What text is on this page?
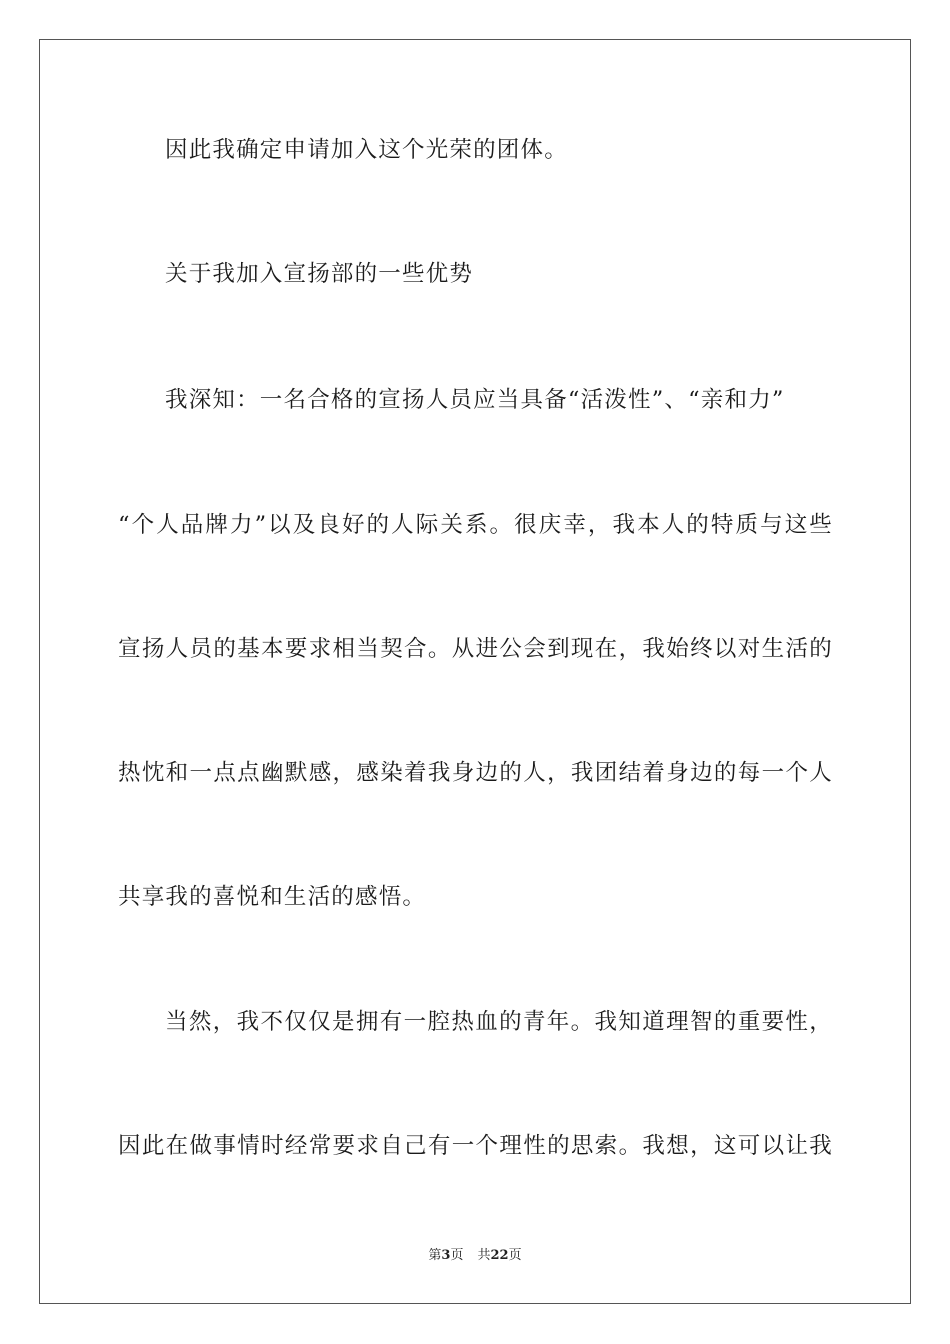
因此我确定申请加入这个光荣的团体。
关于我加入宣扬部的一些优势
我深知：一名合格的宣扬人员应当具备“活泼性”、“亲和力”
“个人品牌力”以及良好的人际关系。很庆幸，我本人的特质与这些
宣扬人员的基本要求相当契合。从进公会到现在，我始终以对生活的
热忱和一点点幽默感，感染着我身边的人，我团结着身边的每一个人
共享我的喜悦和生活的感悟。
当然，我不仅仅是拥有一腔热血的青年。我知道理智的重要性，
因此在做事情时经常要求自己有一个理性的思索。我想，这可以让我
第3页 共22页
